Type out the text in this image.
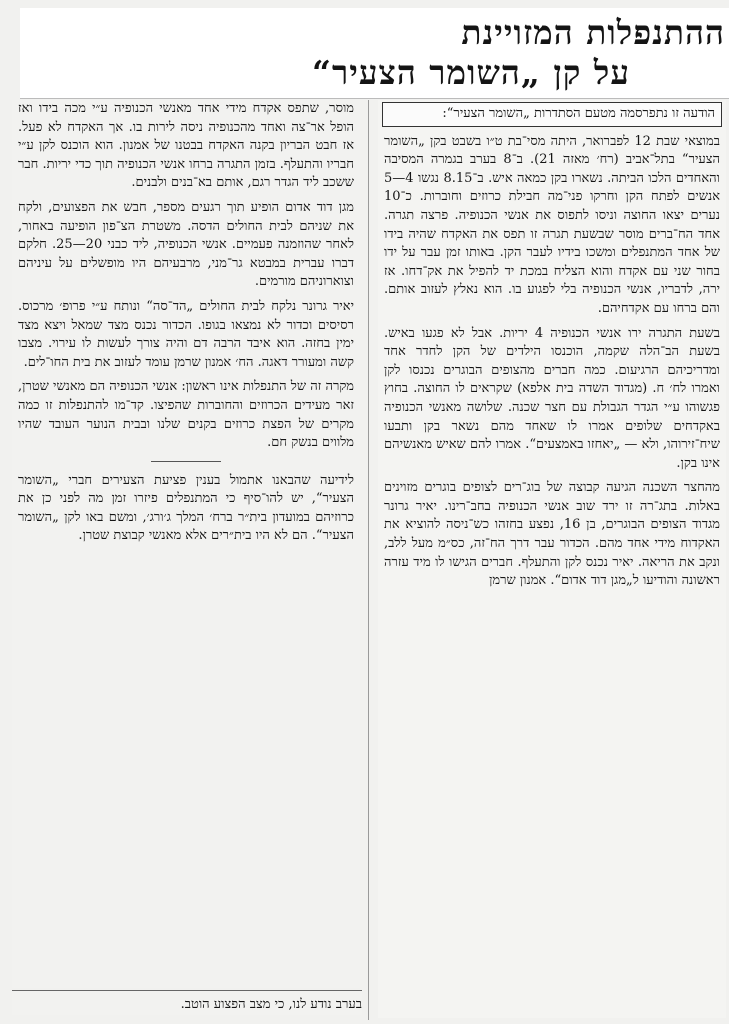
ההתנפלות המזויינת
על קן „השומר הצעיר“

הודעה זו נתפרסמה מטעם הסתדרות „השומר הצעיר“:

במוצאי שבת 12 לפברואר, היתה מסי־בת ט״ו בשבט בקן „השומר הצעיר“ בתל־אביב (רח׳ מאזה 21). ב־8 בערב בגמרה המסיבה והאחדים הלכו הביתה. נשארו בקן כמאה איש. ב־8.15 נגשו 4—5 אנשים לפתח הקן וחרקו פני־מה חבילת כרוזים וחוברות. כ־10 נערים יצאו החוצה וניסו לתפוס את אנשי הכנופיה. פרצה תגרה. אחד הח־ברים מוסר שבשעת תגרה זו תפס את האקדח שהיה בידו של אחד המתנפלים ומשכו בידיו לעבר הקן. באותו זמן עבר על ידו בחור שני עם אקדח והוא הצליח במכת יד להפיל את אק־דחו. אז ירה, לדבריו, אנשי הכנופיה בלי לפגוע בו. הוא נאלץ לעזוב אותם. והם ברחו עם אקדחיהם.

בשעת התגרה ירו אנשי הכנופיה 4 יריות. אבל לא פגעו באיש. בשעת הב־הלה שקמה, הוכנסו הילדים של הקן לחדר אחד ומדריכיהם הרגיעום. כמה חברים מהצופים הבוגרים נכנסו לקן ואמרו לח׳ ח. (מגדוד השדה בית אלפא) שקראים לו החוצה. בחוץ פגשוהו ע״י הגדר הגבולת עם חצר שכנה. שלושה מאנשי הכנופיה באקדחים שלופים אמרו לו שאחד מהם נשאר בקן ותבעו שיח־זירוהו, ולא — „יאחזו באמצעים“. אמרו להם שאיש מאנשיהם אינו בקן.

מהחצר השכנה הגיעה קבוצה של בוג־רים לצופים בוגרים מזוינים באלות. בתג־רה זו ירד שוב אנשי הכנופיה בחב־רינו. יאיר גרונר מגדוד הצופים הבוגרים, בן 16, נפצע בחזהו כש־ניסה להוציא את האקדוח מידי אחד מהם. הכדור עבר דרך הח־זה, כס״מ מעל ללב, ונקב את הריאה. יאיר נכנס לקן והתעלף. חברים הגישו לו מיד עזרה ראשונה והודיעו ל„מגן דוד אדום“. אמנון שרמן

מוסר, שתפס אקדח מידי אחד מאנשי הכנופיה ע״י מכה בידו ואז הופל אר־צה ואחד מהכנופיה ניסה לירות בו. אך האקדח לא פעל. אז חבט הבריון בקנה האקדח בבטנו של אמנון. הוא הוכנס לקן ע״י חבריו והתעלף. בזמן התגרה ברחו אנשי הכנופיה תוך כדי יריות. חבר ששכב ליד הגדר רגם, אותם בא־בנים ולבנים.

מגן דוד אדום הופיע תוך רגעים מספר, חבש את הפצועים, ולקח את שניהם לבית החולים הדסה. משטרת הצ־פון הופיעה באחור, לאחר שהוזמנה פעמיים. אנשי הכנופיה, ליד כבני 20—25. חלקם דברו עברית במבטא גר־מני, מרבעיהם היו מופשלים על עיניהם וצוארוניהם מורמים.

יאיר גרונר נלקח לבית החולים „הד־סה“ ונותח ע״י פרופ׳ מרכוס. רסיסים וכדור לא נמצאו בגופו. הכדור נכנס מצד שמאל ויצא מצד ימין בחזה. הוא איבד הרבה דם והיה צורך לעשות לו עירוי. מצבו קשה ומעורר דאגה. הח׳ אמנון שרמן עומד לעזוב את בית החו־לים.

מקרה זה של התנפלות אינו ראשון: אנשי הכנופיה הם מאנשי שטרן, זאר מעידים הכרוזים והחוברות שהפיצו. קד־מו להתנפלות זו כמה מקרים של הפצת כרוזים בקנים שלנו ובבית הנוער העובד שהיו מלווים בנשק חם.

לידיעה שהבאנו אתמול בענין פציעת הצעירים חברי „השומר הצעיר“, יש להו־סיף כי המתנפלים פיזרו זמן מה לפני כן את כרוזיהם במועדון בית״ר ברח׳ המלך ג׳ורג׳, ומשם באו לקן „השומר הצעיר“. הם לא היו בית״רים אלא מאנשי קבוצת שטרן.

בערב נודע לנו, כי מצב הפצוע הוטב.
